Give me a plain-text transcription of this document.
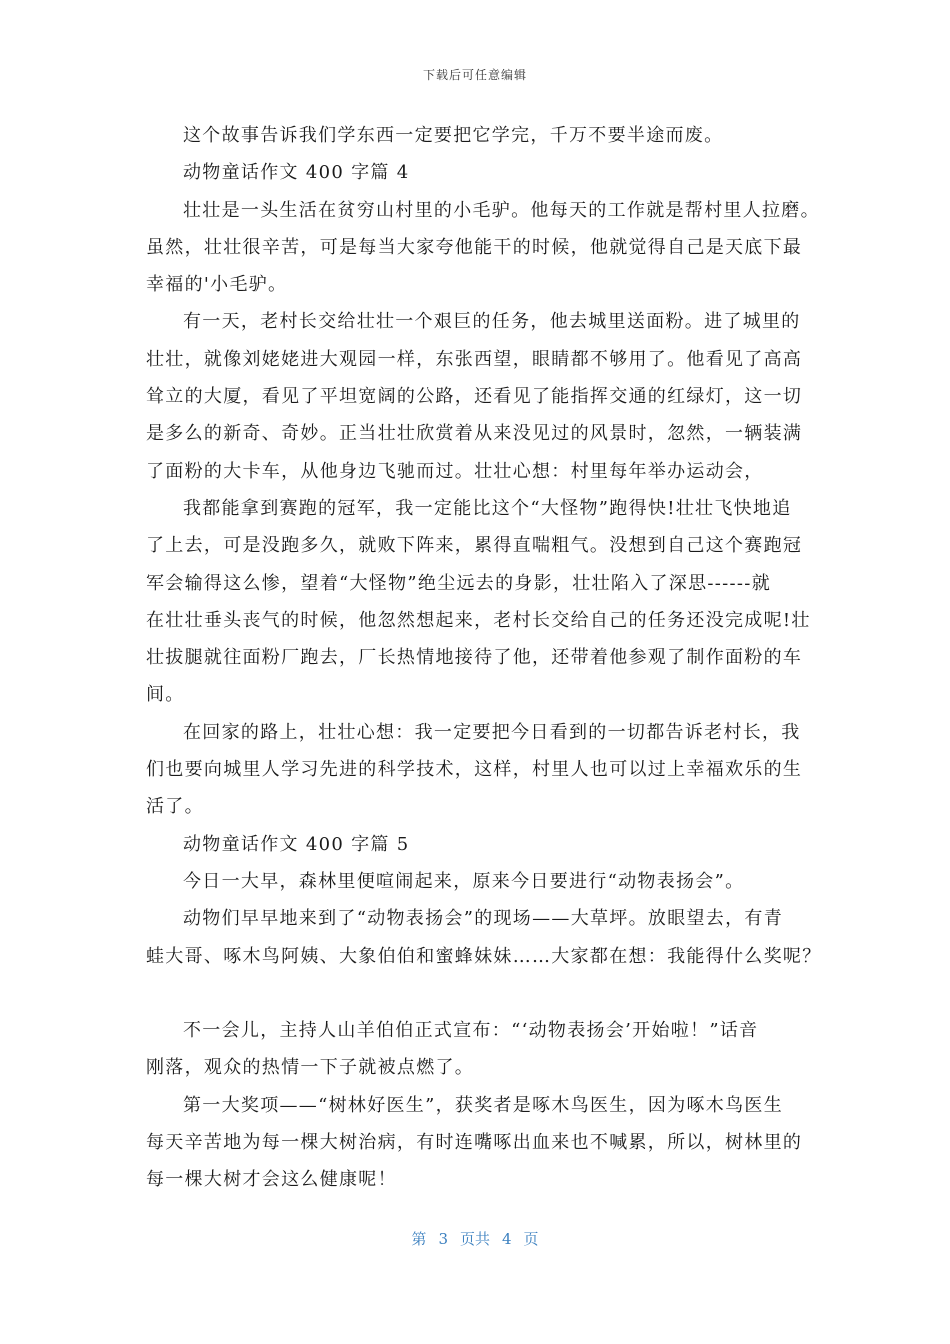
下载后可任意编辑
这个故事告诉我们学东西一定要把它学完，千万不要半途而废。
动物童话作文 400 字篇 4
壮壮是一头生活在贫穷山村里的小毛驴。他每天的工作就是帮村里人拉磨。
虽然，壮壮很辛苦，可是每当大家夸他能干的时候，他就觉得自己是天底下最
幸福的'小毛驴。
有一天，老村长交给壮壮一个艰巨的任务，他去城里送面粉。进了城里的
壮壮，就像刘姥姥进大观园一样，东张西望，眼睛都不够用了。他看见了高高
耸立的大厦，看见了平坦宽阔的公路，还看见了能指挥交通的红绿灯，这一切
是多么的新奇、奇妙。正当壮壮欣赏着从来没见过的风景时，忽然，一辆装满
了面粉的大卡车，从他身边飞驰而过。壮壮心想：村里每年举办运动会，
我都能拿到赛跑的冠军，我一定能比这个“大怪物”跑得快!壮壮飞快地追
了上去，可是没跑多久，就败下阵来，累得直喘粗气。没想到自己这个赛跑冠
军会输得这么惨，望着“大怪物”绝尘远去的身影，壮壮陷入了深思------就
在壮壮垂头丧气的时候，他忽然想起来，老村长交给自己的任务还没完成呢!壮
壮拔腿就往面粉厂跑去，厂长热情地接待了他，还带着他参观了制作面粉的车
间。
在回家的路上，壮壮心想：我一定要把今日看到的一切都告诉老村长，我
们也要向城里人学习先进的科学技术，这样，村里人也可以过上幸福欢乐的生
活了。
动物童话作文 400 字篇 5
今日一大早，森林里便喧闹起来，原来今日要进行“动物表扬会”。
动物们早早地来到了“动物表扬会”的现场——大草坪。放眼望去，有青
蛙大哥、啄木鸟阿姨、大象伯伯和蜜蜂妹妹……大家都在想：我能得什么奖呢？
不一会儿，主持人山羊伯伯正式宣布：“‘动物表扬会’开始啦！”话音
刚落，观众的热情一下子就被点燃了。
第一大奖项——“树林好医生”，获奖者是啄木鸟医生，因为啄木鸟医生
每天辛苦地为每一棵大树治病，有时连嘴啄出血来也不喊累，所以，树林里的
每一棵大树才会这么健康呢！
第 3 页共 4 页
